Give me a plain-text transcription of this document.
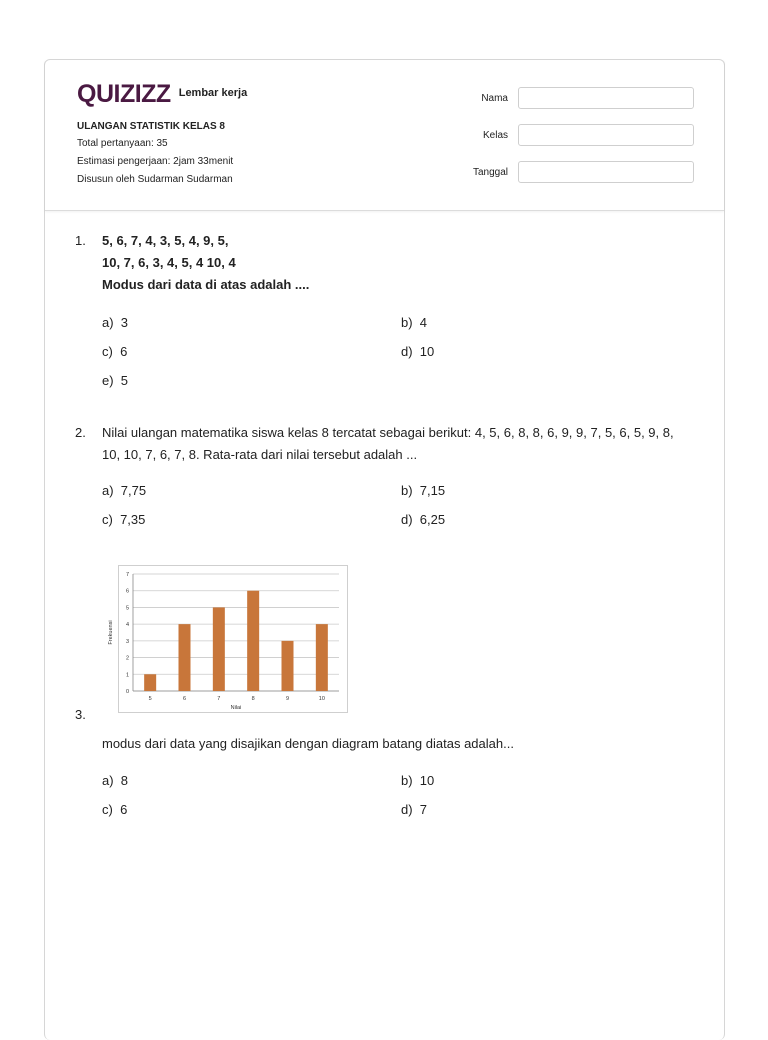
QUIZIZZ Lembar kerja
ULANGAN STATISTIK KELAS 8
Total pertanyaan: 35
Estimasi pengerjaan: 2jam 33menit
Disusun oleh Sudarman Sudarman
Nama
Kelas
Tanggal
1. 5, 6, 7, 4, 3, 5, 4, 9, 5,
10, 7, 6, 3, 4, 5, 4 10, 4
Modus dari data di atas adalah ....
a) 3	b) 4
c) 6	d) 10
e) 5
2. Nilai ulangan matematika siswa kelas 8 tercatat sebagai berikut: 4, 5, 6, 8, 8, 6, 9, 9, 7, 5, 6, 5, 9, 8,
10, 10, 7, 6, 7, 8. Rata-rata dari nilai tersebut adalah ...
a) 7,75	b) 7,15
c) 7,35	d) 6,25
0
1
2
3
4
5
6
7
5	6	7	8	9	10
Nilai
Frekuensi
3.
modus dari data yang disajikan dengan diagram batang diatas adalah...
a) 8	b) 10
c) 6	d) 7
